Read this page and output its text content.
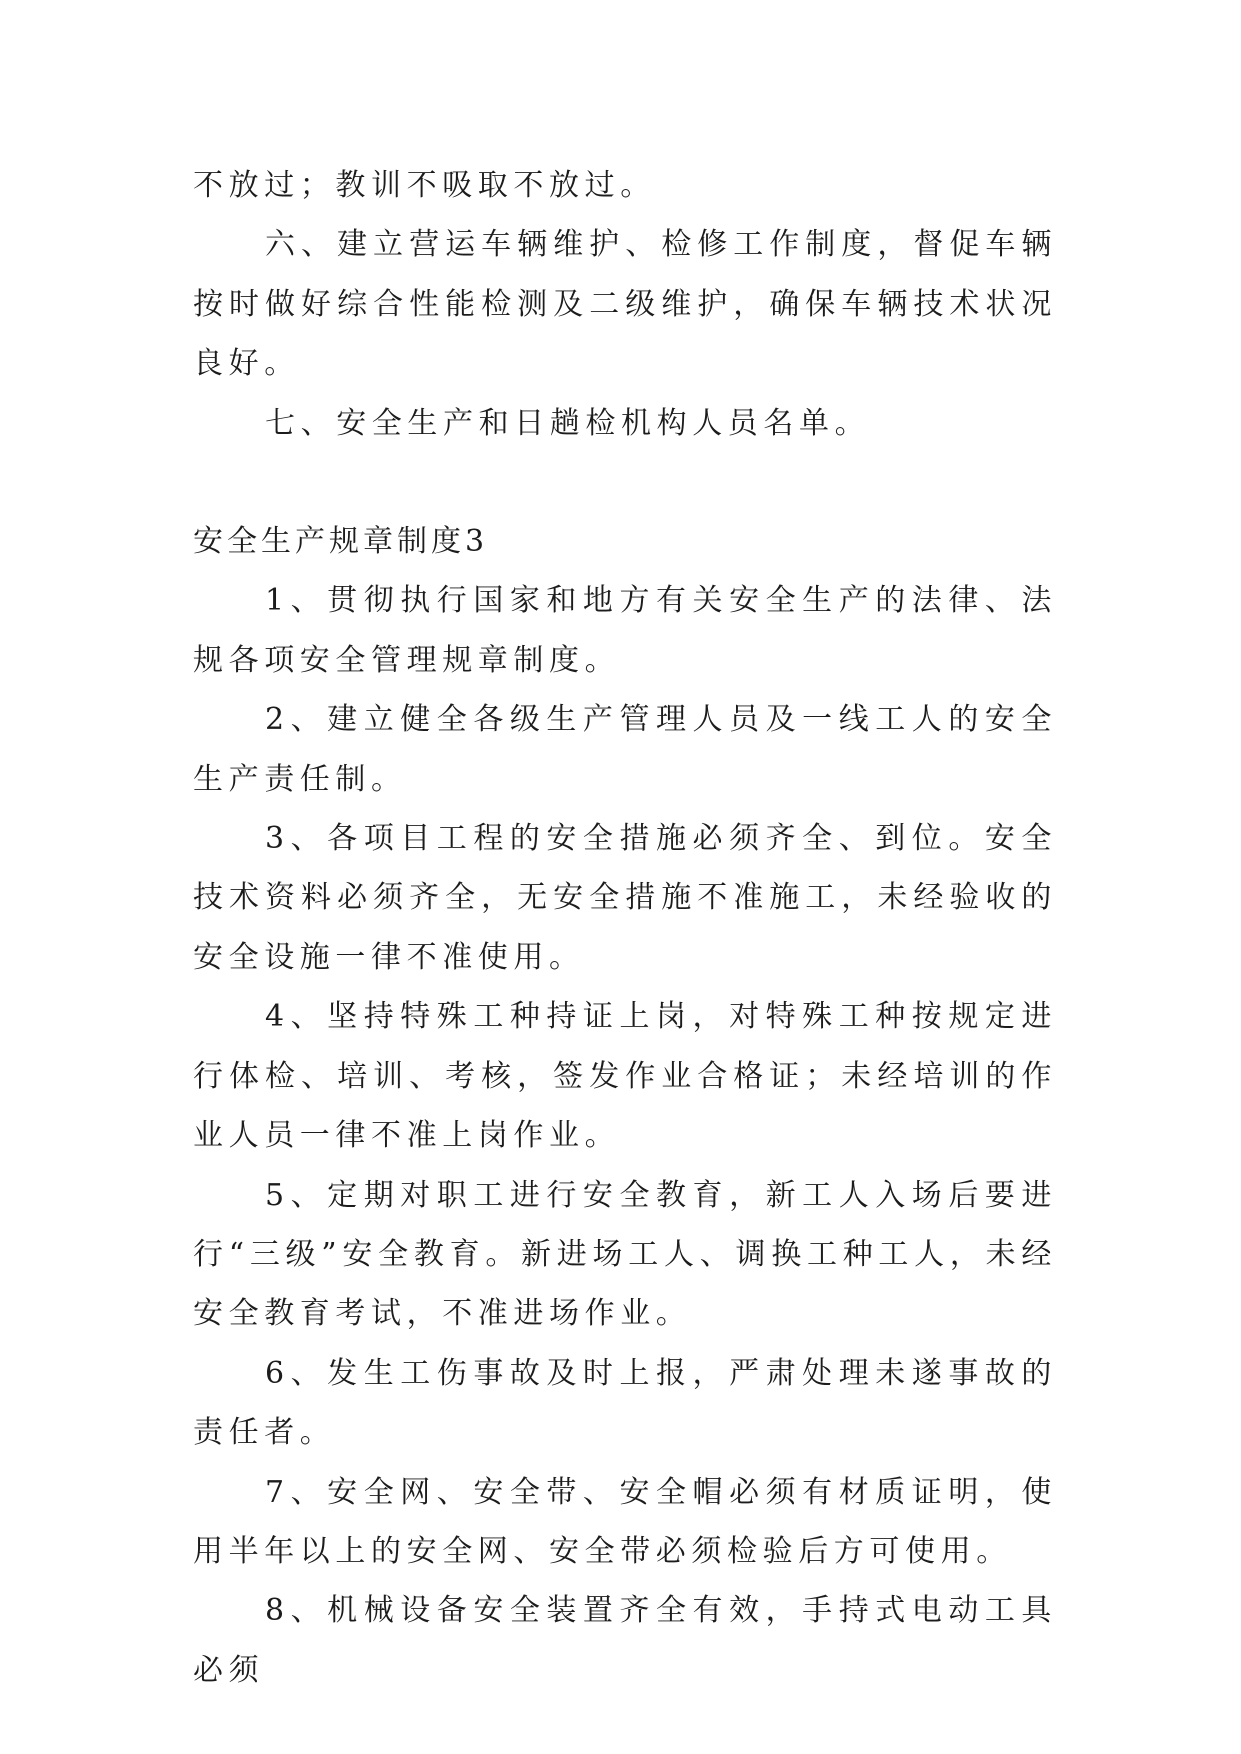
不放过；教训不吸取不放过。

六、建立营运车辆维护、检修工作制度，督促车辆按时做好综合性能检测及二级维护，确保车辆技术状况良好。

七、安全生产和日趟检机构人员名单。

安全生产规章制度3

1、贯彻执行国家和地方有关安全生产的法律、法规各项安全管理规章制度。

2、建立健全各级生产管理人员及一线工人的安全生产责任制。

3、各项目工程的安全措施必须齐全、到位。安全技术资料必须齐全，无安全措施不准施工，未经验收的安全设施一律不准使用。

4、坚持特殊工种持证上岗，对特殊工种按规定进行体检、培训、考核，签发作业合格证；未经培训的作业人员一律不准上岗作业。

5、定期对职工进行安全教育，新工人入场后要进行“三级”安全教育。新进场工人、调换工种工人，未经安全教育考试，不准进场作业。

6、发生工伤事故及时上报，严肃处理未遂事故的责任者。

7、安全网、安全带、安全帽必须有材质证明，使用半年以上的安全网、安全带必须检验后方可使用。

8、机械设备安全装置齐全有效，手持式电动工具必须
